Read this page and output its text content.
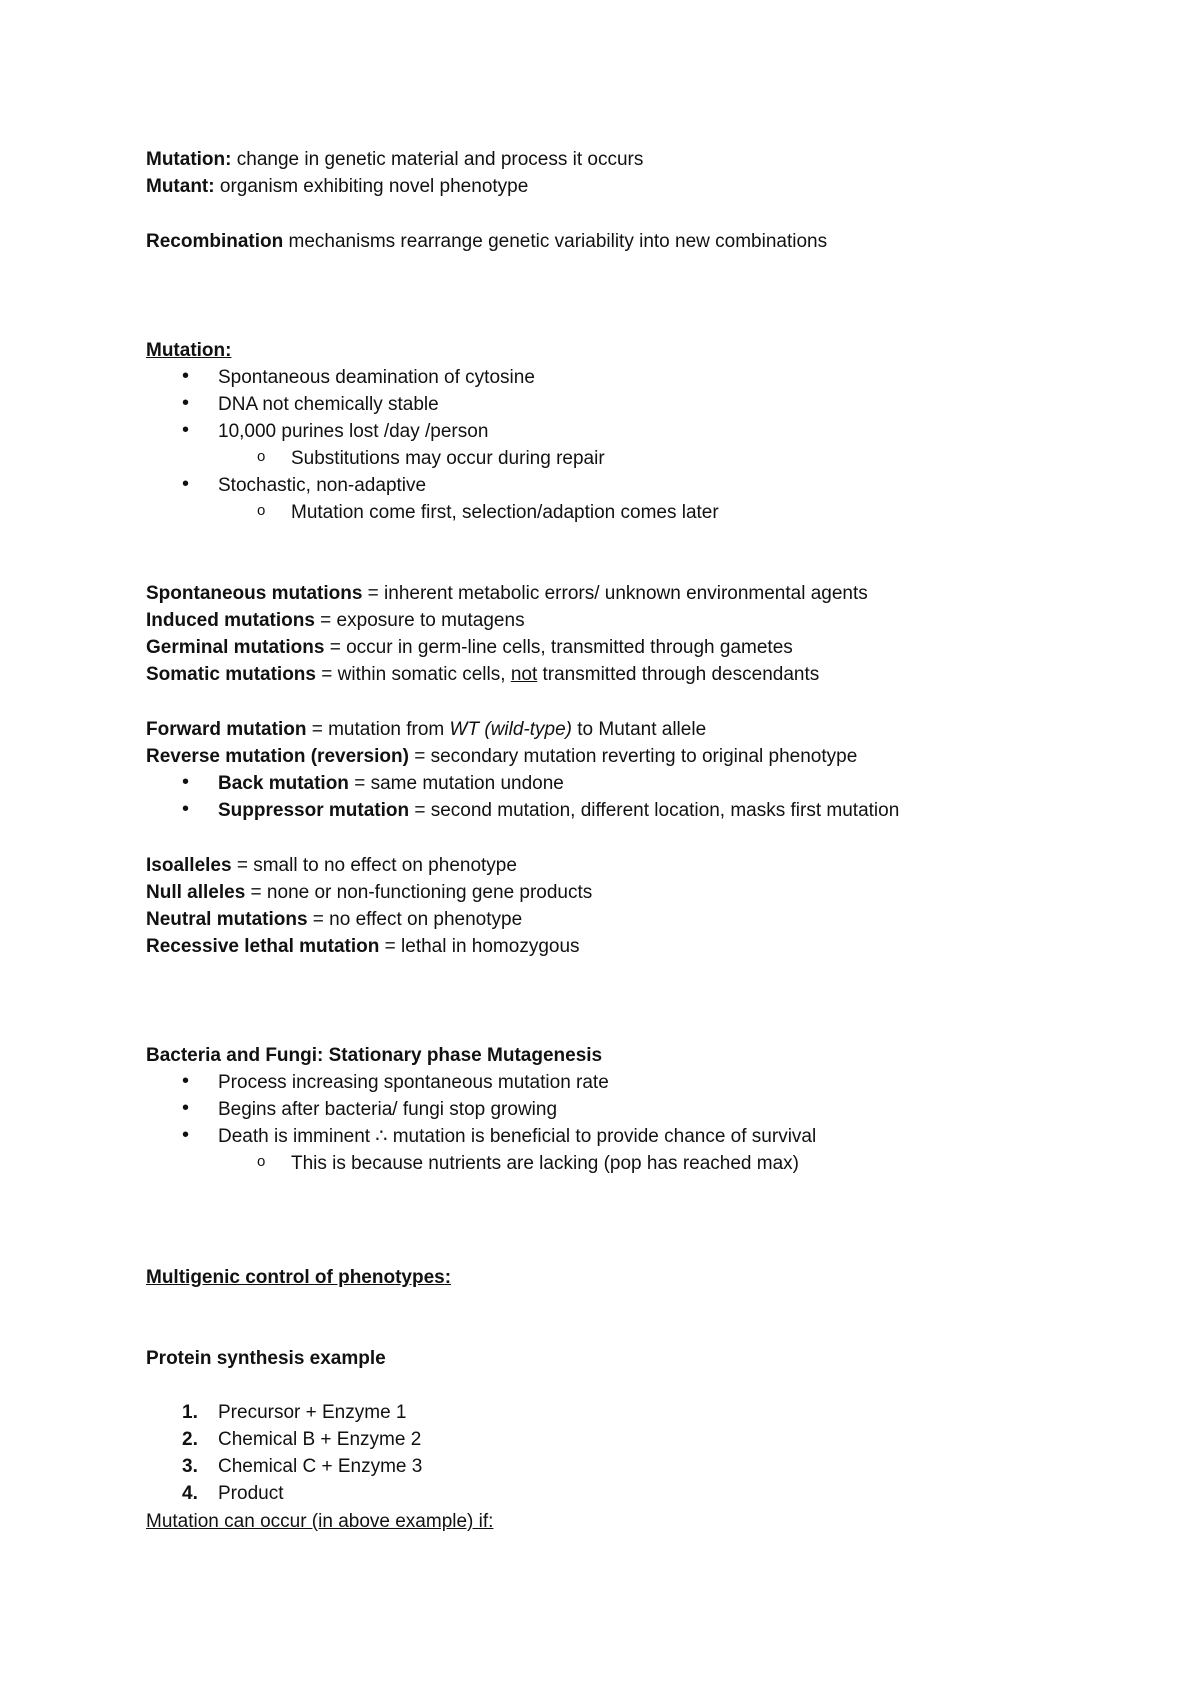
Mutation: change in genetic material and process it occurs
Mutant: organism exhibiting novel phenotype
Recombination mechanisms rearrange genetic variability into new combinations
Mutation:
• Spontaneous deamination of cytosine
• DNA not chemically stable
• 10,000 purines lost /day /person
o Substitutions may occur during repair
• Stochastic, non-adaptive
o Mutation come first, selection/adaption comes later
Spontaneous mutations = inherent metabolic errors/ unknown environmental agents
Induced mutations = exposure to mutagens
Germinal mutations = occur in germ-line cells, transmitted through gametes
Somatic mutations = within somatic cells, not transmitted through descendants
Forward mutation = mutation from WT (wild-type) to Mutant allele
Reverse mutation (reversion) = secondary mutation reverting to original phenotype
• Back mutation = same mutation undone
• Suppressor mutation = second mutation, different location, masks first mutation
Isoalleles = small to no effect on phenotype
Null alleles = none or non-functioning gene products
Neutral mutations = no effect on phenotype
Recessive lethal mutation = lethal in homozygous
Bacteria and Fungi: Stationary phase Mutagenesis
• Process increasing spontaneous mutation rate
• Begins after bacteria/ fungi stop growing
• Death is imminent ∴ mutation is beneficial to provide chance of survival
o This is because nutrients are lacking (pop has reached max)
Multigenic control of phenotypes:
Protein synthesis example
1. Precursor + Enzyme 1
2. Chemical B + Enzyme 2
3. Chemical C + Enzyme 3
4. Product
Mutation can occur (in above example) if:
